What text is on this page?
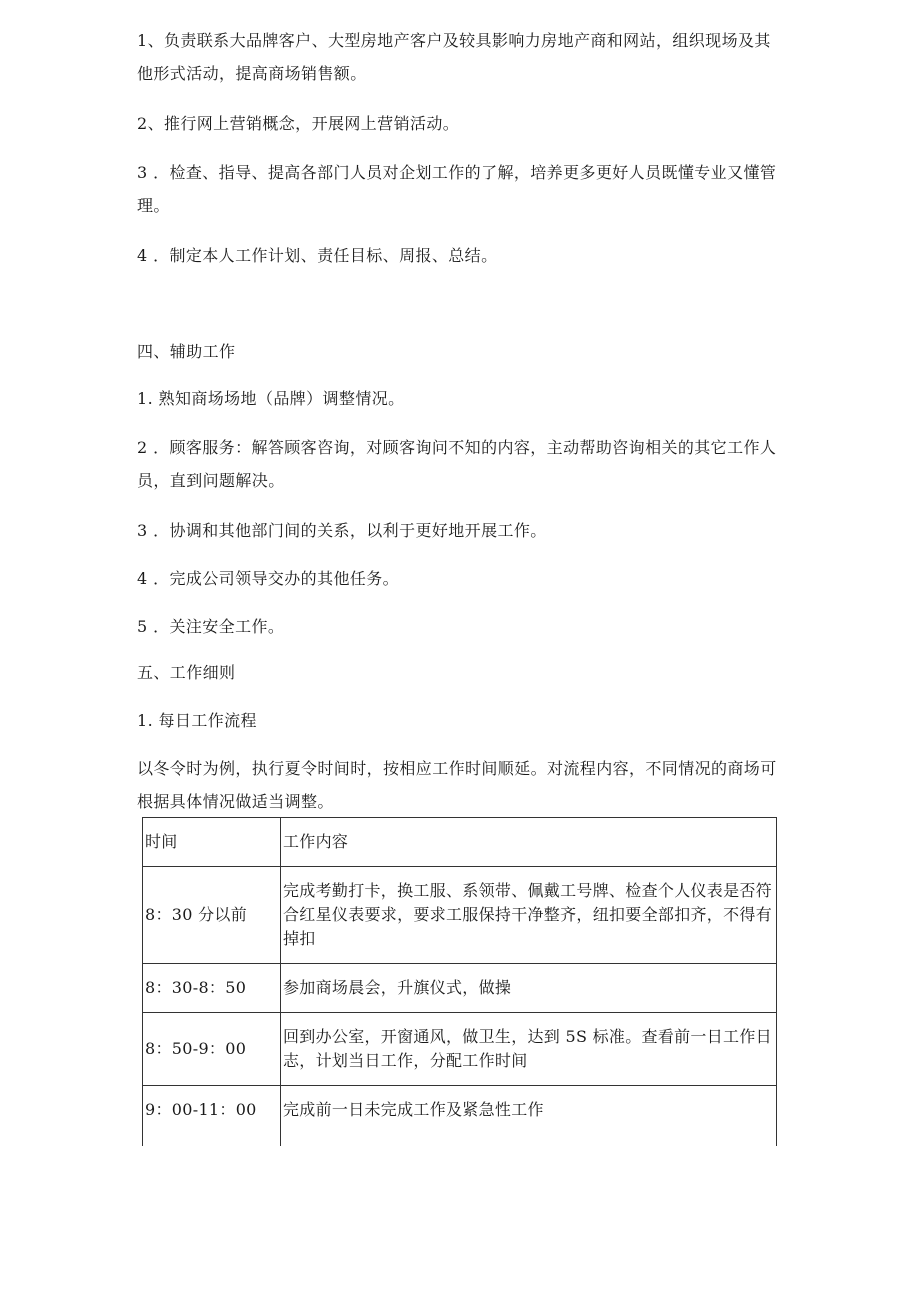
1、负责联系大品牌客户、大型房地产客户及较具影响力房地产商和网站，组织现场及其他形式活动，提高商场销售额。

2、推行网上营销概念，开展网上营销活动。

3 ．检查、指导、提高各部门人员对企划工作的了解，培养更多更好人员既懂专业又懂管理。

4 ．制定本人工作计划、责任目标、周报、总结。

四、辅助工作

1. 熟知商场场地（品牌）调整情况。

2 ．顾客服务：解答顾客咨询，对顾客询问不知的内容，主动帮助咨询相关的其它工作人员，直到问题解决。

3 ．协调和其他部门间的关系，以利于更好地开展工作。

4 ．完成公司领导交办的其他任务。

5 ．关注安全工作。

五、工作细则

1. 每日工作流程

以冬令时为例，执行夏令时间时，按相应工作时间顺延。对流程内容，不同情况的商场可根据具体情况做适当调整。

时间	工作内容
8：30 分以前	完成考勤打卡，换工服、系领带、佩戴工号牌、检查个人仪表是否符合红星仪表要求，要求工服保持干净整齐，纽扣要全部扣齐，不得有掉扣
8：30-8：50	参加商场晨会，升旗仪式，做操
8：50-9：00	回到办公室，开窗通风，做卫生，达到 5S 标准。查看前一日工作日志，计划当日工作，分配工作时间
9：00-11：00	完成前一日未完成工作及紧急性工作
